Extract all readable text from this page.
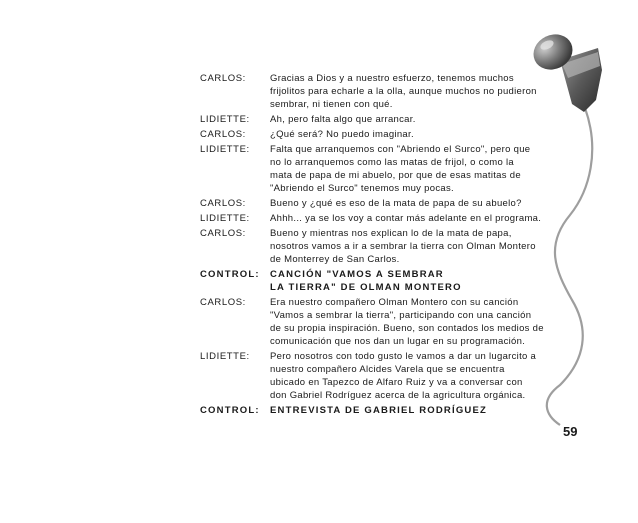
CARLOS:	Gracias a Dios y a nuestro esfuerzo, tenemos muchos
frijolitos para echarle a la olla, aunque muchos no pudieron
sembrar, ni tienen con qué.
LIDIETTE:	Ah, pero falta algo que arrancar.
CARLOS:	¿Qué será? No puedo imaginar.
LIDIETTE:	Falta que arranquemos con "Abriendo el Surco", pero que
no lo arranquemos como las matas de frijol, o como la
mata de papa de mi abuelo, por que de esas matitas de
"Abriendo el Surco" tenemos muy pocas.
CARLOS:	Bueno y ¿qué es eso de la mata de papa de su abuelo?
LIDIETTE:	Ahhh... ya se los voy a contar más adelante en el programa.
CARLOS:	Bueno y mientras nos explican lo de la mata de papa,
nosotros vamos a ir a sembrar la tierra con Olman Montero
de Monterrey de San Carlos.
CONTROL:	CANCIÓN "VAMOS A SEMBRAR
LA TIERRA" DE OLMAN MONTERO
CARLOS:	Era nuestro compañero Olman Montero con su canción
"Vamos a sembrar la tierra", participando con una canción
de su propia inspiración. Bueno, son contados los medios de
comunicación que nos dan un lugar en su programación.
LIDIETTE:	Pero nosotros con todo gusto le vamos a dar un lugarcito a
nuestro compañero Alcides Varela que se encuentra
ubicado en Tapezco de Alfaro Ruiz y va a conversar con
don Gabriel Rodríguez acerca de la agricultura orgánica.
CONTROL:	ENTREVISTA DE GABRIEL RODRÍGUEZ
59
